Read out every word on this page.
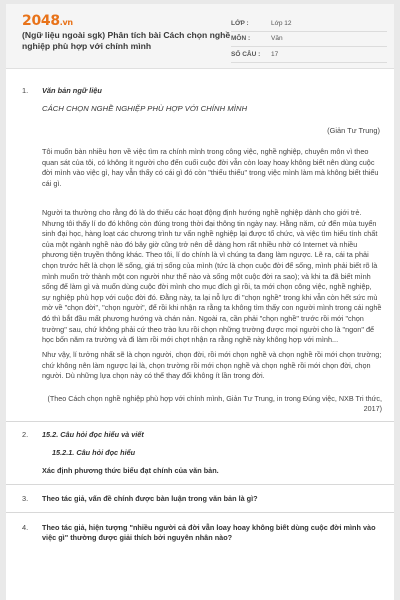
2048.vn
(Ngữ liệu ngoài sgk) Phân tích bài Cách chọn nghề nghiệp phù hợp với chính mình
LỚP :	Lớp 12
MÔN :	Văn
SỐ CÂU :	17
1. Văn bản ngữ liệu
CÁCH CHỌN NGHỀ NGHIỆP PHÙ HỢP VỚI CHÍNH MÌNH
(Giản Tư Trung)
Tôi muốn bàn nhiều hơn về việc tìm ra chính mình trong công việc, nghề nghiệp, chuyên môn vì theo quan sát của tôi, có không ít người cho đến cuối cuộc đời vẫn còn loay hoay không biết nên dùng cuộc đời mình vào việc gì, hay vẫn thấy có cái gì đó còn "thiếu thiếu" trong việc mình làm mà không biết thiếu cái gì.
Người ta thường cho rằng đó là do thiếu các hoạt động định hướng nghề nghiệp dành cho giới trẻ. Nhưng tôi thấy lí do đó không còn đúng trong thời đại thông tin ngày nay. Hằng năm, cứ đến mùa tuyển sinh đại học, hàng loạt các chương trình tư vấn nghề nghiệp lại được tổ chức, và việc tìm hiểu tính chất của một ngành nghề nào đó bây giờ cũng trở nên dễ dàng hơn rất nhiều nhờ có Internet và nhiều phương tiện truyền thông khác. Theo tôi, lí do chính là vì chúng ta đang làm ngược. Lẽ ra, cái ta phải chọn trước hết là chọn lẽ sống, giá trị sống của mình (tức là chọn cuộc đời để sống, mình phải biết rõ là mình muốn trở thành một con người như thế nào và sống một cuộc đời ra sao); và khi ta đã biết mình sống để làm gì và muốn dùng cuộc đời mình cho mục đích gì rồi, ta mới chọn công việc, nghề nghiệp, sự nghiệp phù hợp với cuộc đời đó. Đằng này, ta lại nỗ lực đi "chọn nghề" trong khi vẫn còn hết sức mù mờ về "chọn đời", "chọn người", để rồi khi nhận ra rằng ta không tìm thấy con người mình trong cái nghề đó thì bắt đầu mất phương hướng và chán nản. Ngoài ra, cần phải "chọn nghề" trước rồi mới "chọn trường" sau, chứ không phải cứ theo trào lưu rồi chọn những trường được mọi người cho là "ngon" để học bốn năm ra trường và đi làm rồi mới chợt nhận ra rằng nghề này không hợp với mình...
Như vậy, lí tưởng nhất sẽ là chọn người, chọn đời, rồi mới chọn nghề và chọn nghề rồi mới chọn trường; chứ không nên làm ngược lại là, chọn trường rồi mới chọn nghề và chọn nghề rồi mới chọn đời, chọn người. Dù những lựa chọn này có thể thay đổi không ít lần trong đời.
(Theo Cách chọn nghề nghiệp phù hợp với chính mình, Giản Tư Trung, in trong Đúng việc, NXB Tri thức, 2017)
2. 15.2. Câu hỏi đọc hiểu và viết
15.2.1. Câu hỏi đọc hiểu
Xác định phương thức biểu đạt chính của văn bản.
3. Theo tác giả, vấn đề chính được bàn luận trong văn bản là gì?
4. Theo tác giả, hiện tượng "nhiều người cả đời vẫn loay hoay không biết dùng cuộc đời mình vào việc gì" thường được giải thích bởi nguyên nhân nào?
